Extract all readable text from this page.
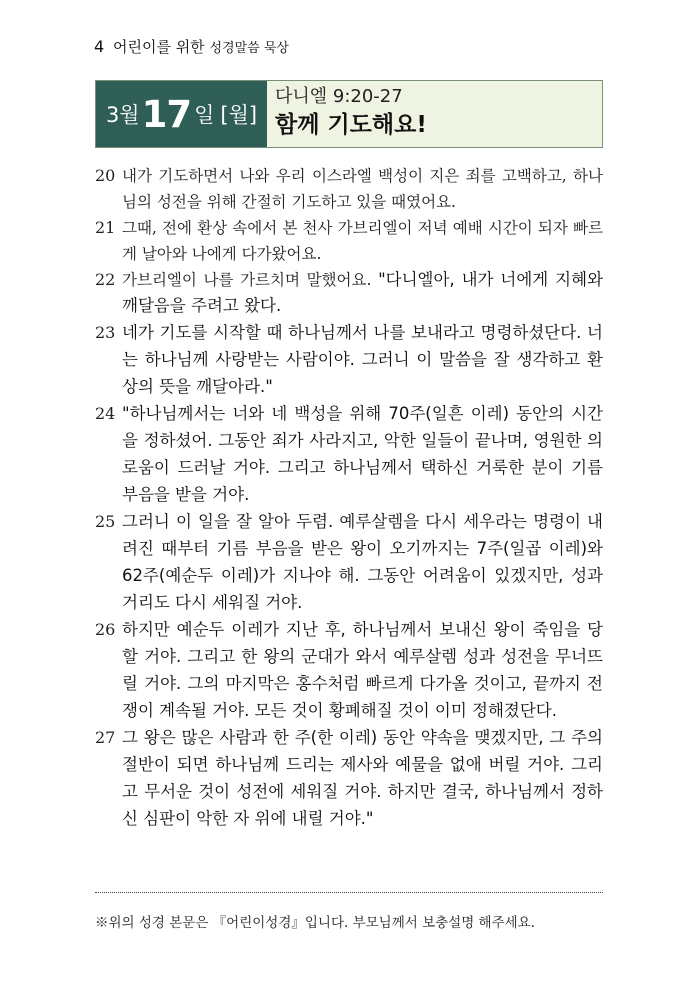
4 어린이를 위한 성경말씀 묵상
3월 17 일 [월]
다니엘 9:20-27
함께 기도해요!
20 내가 기도하면서 나와 우리 이스라엘 백성이 지은 죄를 고백하고, 하나님의 성전을 위해 간절히 기도하고 있을 때였어요.
21 그때, 전에 환상 속에서 본 천사 가브리엘이 저녁 예배 시간이 되자 빠르게 날아와 나에게 다가왔어요.
22 가브리엘이 나를 가르치며 말했어요. "다니엘아, 내가 너에게 지혜와 깨달음을 주려고 왔다.
23 네가 기도를 시작할 때 하나님께서 나를 보내라고 명령하셨단다. 너는 하나님께 사랑받는 사람이야. 그러니 이 말씀을 잘 생각하고 환상의 뜻을 깨달아라."
24 "하나님께서는 너와 네 백성을 위해 70주(일흔 이레) 동안의 시간을 정하셨어. 그동안 죄가 사라지고, 악한 일들이 끝나며, 영원한 의로움이 드러날 거야. 그리고 하나님께서 택하신 거룩한 분이 기름 부음을 받을 거야.
25 그러니 이 일을 잘 알아 두렴. 예루살렘을 다시 세우라는 명령이 내려진 때부터 기름 부음을 받은 왕이 오기까지는 7주(일곱 이레)와 62주(예순두 이레)가 지나야 해. 그동안 어려움이 있겠지만, 성과 거리도 다시 세워질 거야.
26 하지만 예순두 이레가 지난 후, 하나님께서 보내신 왕이 죽임을 당할 거야. 그리고 한 왕의 군대가 와서 예루살렘 성과 성전을 무너뜨릴 거야. 그의 마지막은 홍수처럼 빠르게 다가올 것이고, 끝까지 전쟁이 계속될 거야. 모든 것이 황폐해질 것이 이미 정해졌단다.
27 그 왕은 많은 사람과 한 주(한 이레) 동안 약속을 맺겠지만, 그 주의 절반이 되면 하나님께 드리는 제사와 예물을 없애 버릴 거야. 그리고 무서운 것이 성전에 세워질 거야. 하지만 결국, 하나님께서 정하신 심판이 악한 자 위에 내릴 거야."
※위의 성경 본문은 『어린이성경』입니다. 부모님께서 보충설명 해주세요.
